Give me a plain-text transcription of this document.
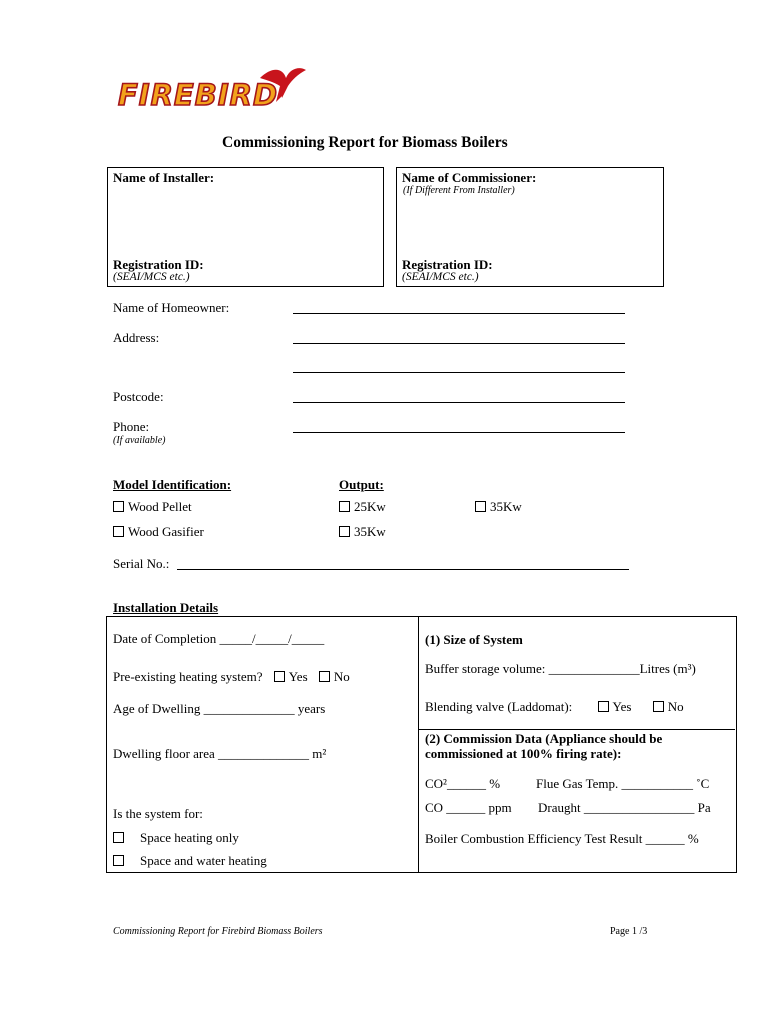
FIREBIRD
Commissioning Report for Biomass Boilers
Name of Installer:
Registration ID:
(SEAI/MCS etc.)
Name of Commissioner:
(If Different From Installer)
Registration ID:
(SEAI/MCS etc.)
Name of Homeowner:
Address:
Postcode:
Phone:
(If available)
Model Identification:	Output:
Wood Pellet	25Kw	35Kw
Wood Gasifier	35Kw
Serial No.:
Installation Details
Date of Completion _____/_____/_____
Pre-existing heating system? Yes No
Age of Dwelling ______________ years
Dwelling floor area ______________ m²
Is the system for:
Space heating only
Space and water heating
(1) Size of System
Buffer storage volume: ______________Litres (m³)
Blending valve (Laddomat):	Yes	No
(2) Commission Data (Appliance should be
commissioned at 100% firing rate):
CO²______ %	Flue Gas Temp. ___________ ˚C
CO ______ ppm Draught _________________ Pa
Boiler Combustion Efficiency Test Result ______ %
Commissioning Report for Firebird Biomass Boilers	Page 1 /3
